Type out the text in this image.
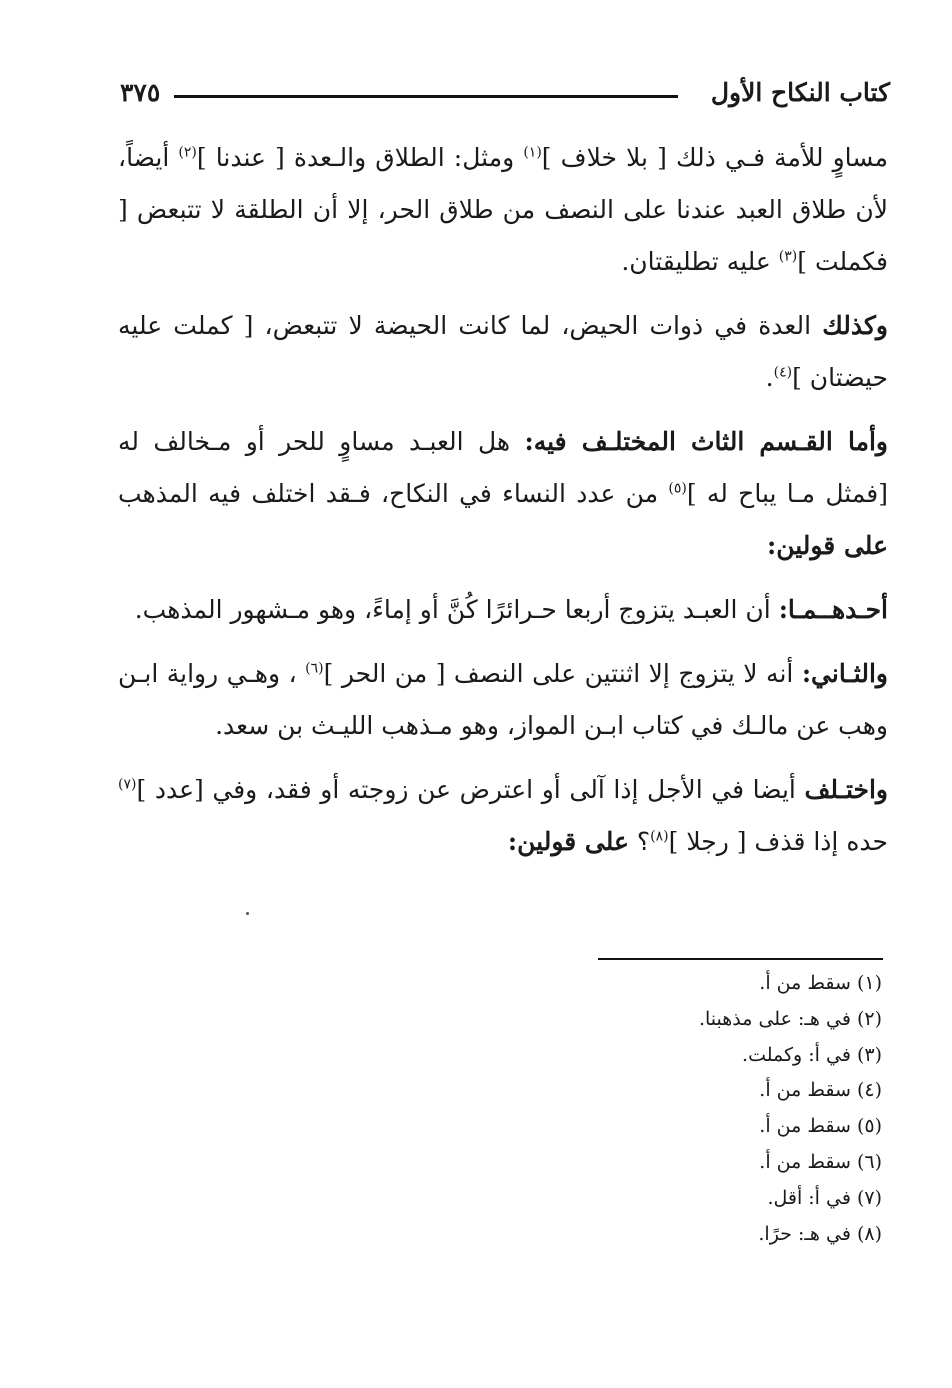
كتاب النكاح الأول
٣٧٥

مساوٍ للأمة فـي ذلك [ بلا خلاف ]$^{(١)}$ ومثل: الطلاق والـعدة [ عندنا ]$^{(٢)}$ أيضاً، لأن طلاق العبد عندنا على النصف من طلاق الحر، إلا أن الطلقة لا تتبعض [ فكملت ]$^{(٣)}$ عليه تطليقتان.

وكذلك العدة في ذوات الحيض، لما كانت الحيضة لا تتبعض، [ كملت عليه حيضتان ]$^{(٤)}$.

وأما القـسم الثاث المختلـف فيه: هل العبـد مساوٍ للحر أو مـخالف له [فمثل مـا يباح له ]$^{(٥)}$ من عدد النساء في النكاح، فـقد اختلف فيه المذهب على قولين:

أحـدهــمـا: أن العبـد يتزوج أربعا حـرائرًا كُنَّ أو إماءً، وهو مـشهور المذهب.

والثـاني: أنه لا يتزوج إلا اثنتين على النصف [ من الحر ]$^{(٦)}$ ، وهـي رواية ابـن وهب عن مالـك في كتاب ابـن المواز، وهو مـذهب الليـث بن سعد.

واختـلف أيضا في الأجل إذا آلى أو اعترض عن زوجته أو فقد، وفي [عدد ]$^{(٧)}$ حده إذا قذف [ رجلا ]$^{(٨)}$؟ على قولين:

(١) سقط من أ.
(٢) في هـ: على مذهبنا.
(٣) في أ: وكملت.
(٤) سقط من أ.
(٥) سقط من أ.
(٦) سقط من أ.
(٧) في أ: أقل.
(٨) في هـ: حرًا.
